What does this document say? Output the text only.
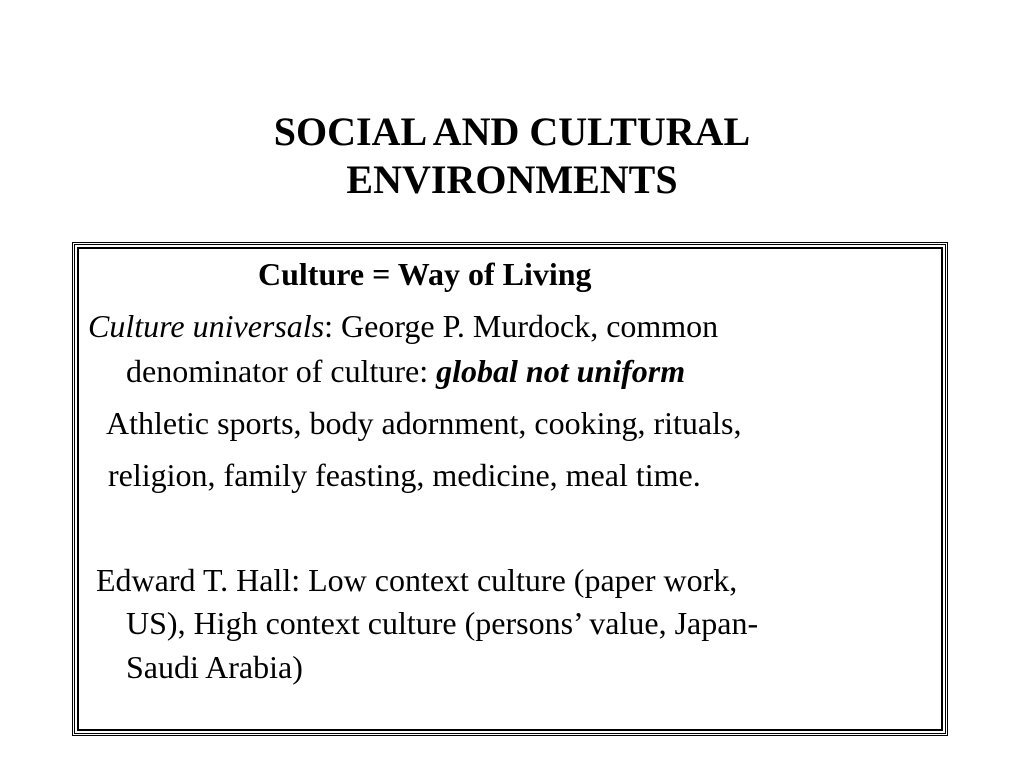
SOCIAL AND CULTURAL
ENVIRONMENTS

Culture = Way of Living

Culture universals: George P. Murdock, common

denominator of culture: global not uniform

Athletic sports, body adornment, cooking, rituals,

religion, family feasting, medicine, meal time.

Edward T. Hall: Low context culture (paper work,

US), High context culture (persons’ value, Japan-

Saudi Arabia)
